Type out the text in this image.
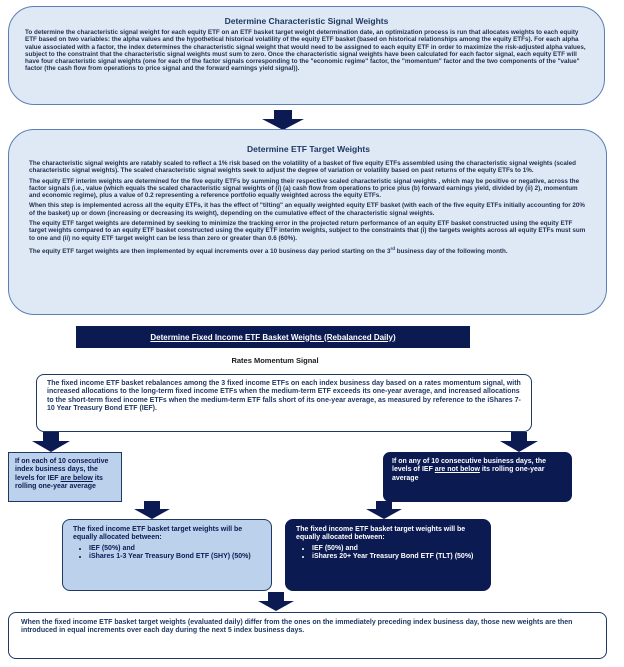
Determine Characteristic Signal Weights
To determine the characteristic signal weight for each equity ETF on an ETF basket target weight determination date, an optimization process is run that allocates weights to each equity ETF based on two variables: the alpha values and the hypothetical historical volatility of the equity ETF basket (based on historical relationships among the equity ETFs). For each alpha value associated with a factor, the index determines the characteristic signal weight that would need to be assigned to each equity ETF in order to maximize the risk-adjusted alpha values, subject to the constraint that the characteristic signal weights must sum to zero. Once the characteristic signal weights have been calculated for each factor signal, each equity ETF will have four characteristic signal weights (one for each of the factor signals corresponding to the "economic regime" factor, the "momentum" factor and the two components of the "value" factor (the cash flow from operations to price signal and the forward earnings yield signal)).
Determine ETF Target Weights
The characteristic signal weights are ratably scaled to reflect a 1% risk based on the volatility of a basket of five equity ETFs assembled using the characteristic signal weights (scaled characteristic signal weights). The scaled characteristic signal weights seek to adjust the degree of variation or volatility based on past returns of the equity ETFs to 1%.
The equity ETF interim weights are determined for the five equity ETFs by summing their respective scaled characteristic signal weights , which may be positive or negative, across the factor signals (i.e., value (which equals the scaled characteristic signal weights of (i) (a) cash flow from operations to price plus (b) forward earnings yield, divided by (ii) 2), momentum and economic regime), plus a value of 0.2 representing a reference portfolio equally weighted across the equity ETFs.
When this step is implemented across all the equity ETFs, it has the effect of "tilting" an equally weighted equity ETF basket (with each of the five equity ETFs initially accounting for 20% of the basket) up or down (increasing or decreasing its weight), depending on the cumulative effect of the characteristic signal weights.
The equity ETF target weights are determined by seeking to minimize the tracking error in the projected return performance of an equity ETF basket constructed using the equity ETF target weights compared to an equity ETF basket constructed using the equity ETF interim weights, subject to the constraints that (i) the targets weights across all equity ETFs must sum to one and (ii) no equity ETF target weight can be less than zero or greater than 0.6 (60%).
The equity ETF target weights are then implemented by equal increments over a 10 business day period starting on the 3rd business day of the following month.
Determine Fixed Income ETF Basket Weights (Rebalanced Daily)
Rates Momentum Signal
The fixed income ETF basket rebalances among the 3 fixed income ETFs on each index business day based on a rates momentum signal, with increased allocations to the long-term fixed income ETFs when the medium-term ETF exceeds its one-year average, and increased allocations to the short-term fixed income ETFs when the medium-term ETF falls short of its one-year average, as measured by reference to the iShares 7-10 Year Treasury Bond ETF (IEF).
If on each of 10 consecutive index business days, the levels for IEF are below its rolling one-year average
If on any of 10 consecutive business days, the levels of IEF are not below its rolling one-year average
The fixed income ETF basket target weights will be equally allocated between:
• IEF (50%) and
• iShares 1-3 Year Treasury Bond ETF (SHY) (50%)
The fixed income ETF basket target weights will be equally allocated between:
• IEF (50%) and
• iShares 20+ Year Treasury Bond ETF (TLT) (50%)
When the fixed income ETF basket target weights (evaluated daily) differ from the ones on the immediately preceding index business day, those new weights are then introduced in equal increments over each day during the next 5 index business days.
